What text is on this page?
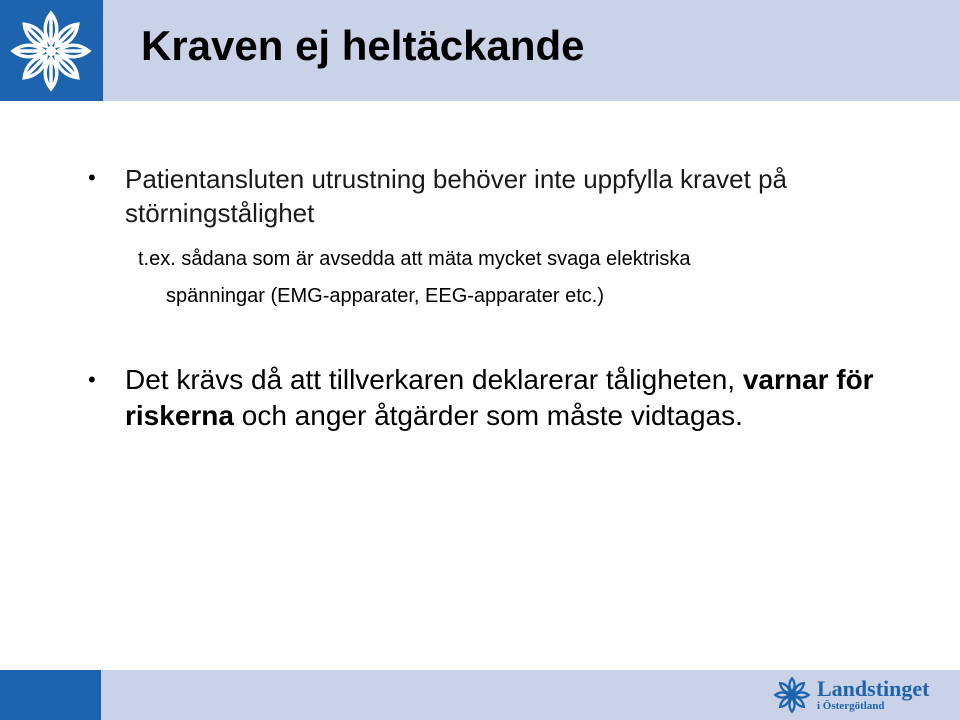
Kraven ej heltäckande
• Patientansluten utrustning behöver inte uppfylla kravet på störningstålighet
t.ex. sådana som är avsedda att mäta mycket svaga elektriska
spänningar (EMG-apparater, EEG-apparater etc.)
• Det krävs då att tillverkaren deklarerar tåligheten, varnar för riskerna och anger åtgärder som måste vidtagas.
Landstinget
i Östergötland
